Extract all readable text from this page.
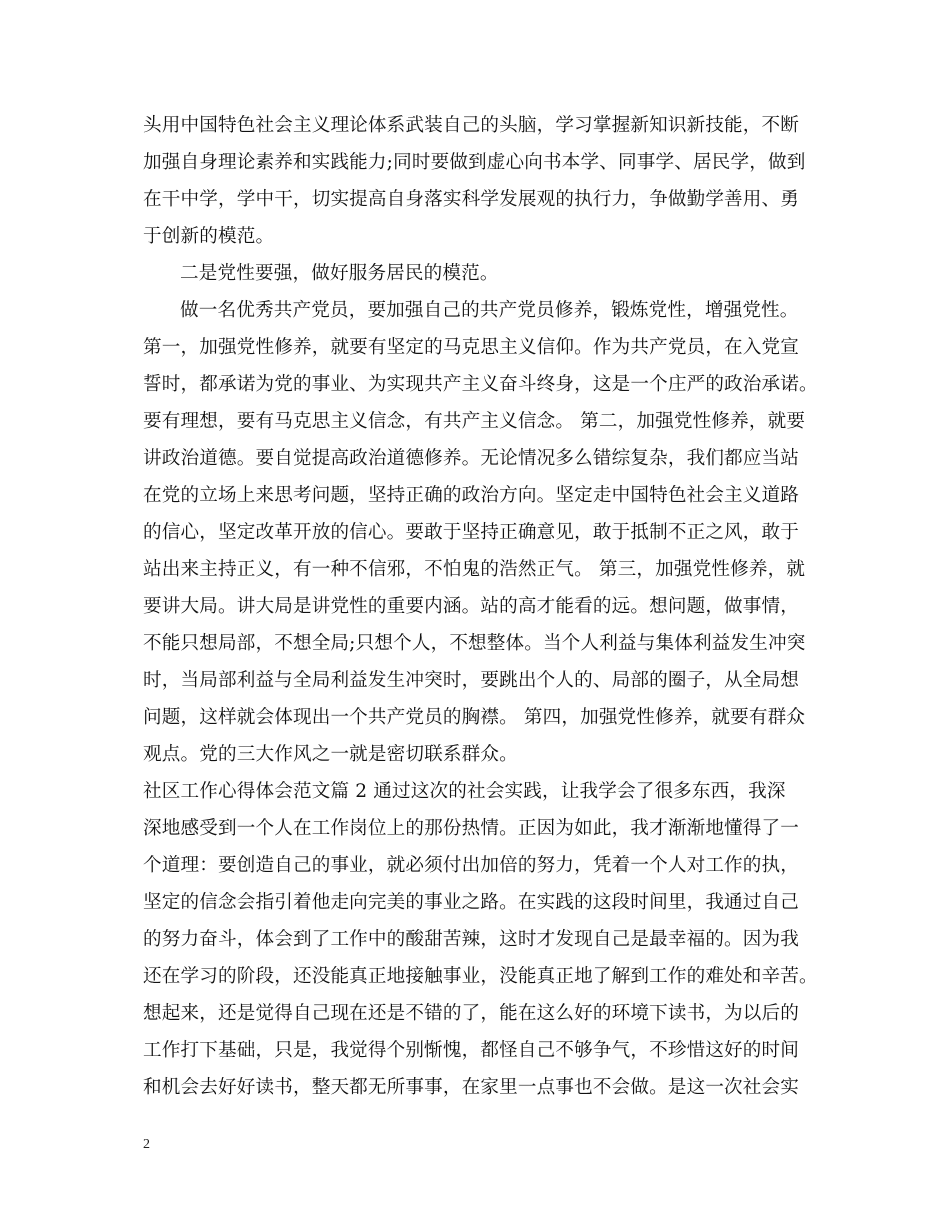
头用中国特色社会主义理论体系武装自己的头脑，学习掌握新知识新技能，不断
加强自身理论素养和实践能力;同时要做到虚心向书本学、同事学、居民学，做到
在干中学，学中干，切实提高自身落实科学发展观的执行力，争做勤学善用、勇
于创新的模范。
二是党性要强，做好服务居民的模范。
做一名优秀共产党员，要加强自己的共产党员修养，锻炼党性，增强党性。
第一，加强党性修养，就要有坚定的马克思主义信仰。作为共产党员，在入党宣
誓时，都承诺为党的事业、为实现共产主义奋斗终身，这是一个庄严的政治承诺。
要有理想，要有马克思主义信念，有共产主义信念。 第二，加强党性修养，就要
讲政治道德。要自觉提高政治道德修养。无论情况多么错综复杂，我们都应当站
在党的立场上来思考问题，坚持正确的政治方向。坚定走中国特色社会主义道路
的信心，坚定改革开放的信心。要敢于坚持正确意见，敢于抵制不正之风，敢于
站出来主持正义，有一种不信邪，不怕鬼的浩然正气。 第三，加强党性修养，就
要讲大局。讲大局是讲党性的重要内涵。站的高才能看的远。想问题，做事情，
不能只想局部，不想全局;只想个人，不想整体。当个人利益与集体利益发生冲突
时，当局部利益与全局利益发生冲突时，要跳出个人的、局部的圈子，从全局想
问题，这样就会体现出一个共产党员的胸襟。 第四，加强党性修养，就要有群众
观点。党的三大作风之一就是密切联系群众。
社区工作心得体会范文篇 2 通过这次的社会实践，让我学会了很多东西，我深
深地感受到一个人在工作岗位上的那份热情。正因为如此，我才渐渐地懂得了一
个道理：要创造自己的事业，就必须付出加倍的努力，凭着一个人对工作的执，
坚定的信念会指引着他走向完美的事业之路。在实践的这段时间里，我通过自己
的努力奋斗，体会到了工作中的酸甜苦辣，这时才发现自己是最幸福的。因为我
还在学习的阶段，还没能真正地接触事业，没能真正地了解到工作的难处和辛苦。
想起来，还是觉得自己现在还是不错的了，能在这么好的环境下读书，为以后的
工作打下基础，只是，我觉得个别惭愧，都怪自己不够争气，不珍惜这好的时间
和机会去好好读书，整天都无所事事，在家里一点事也不会做。是这一次社会实
2
